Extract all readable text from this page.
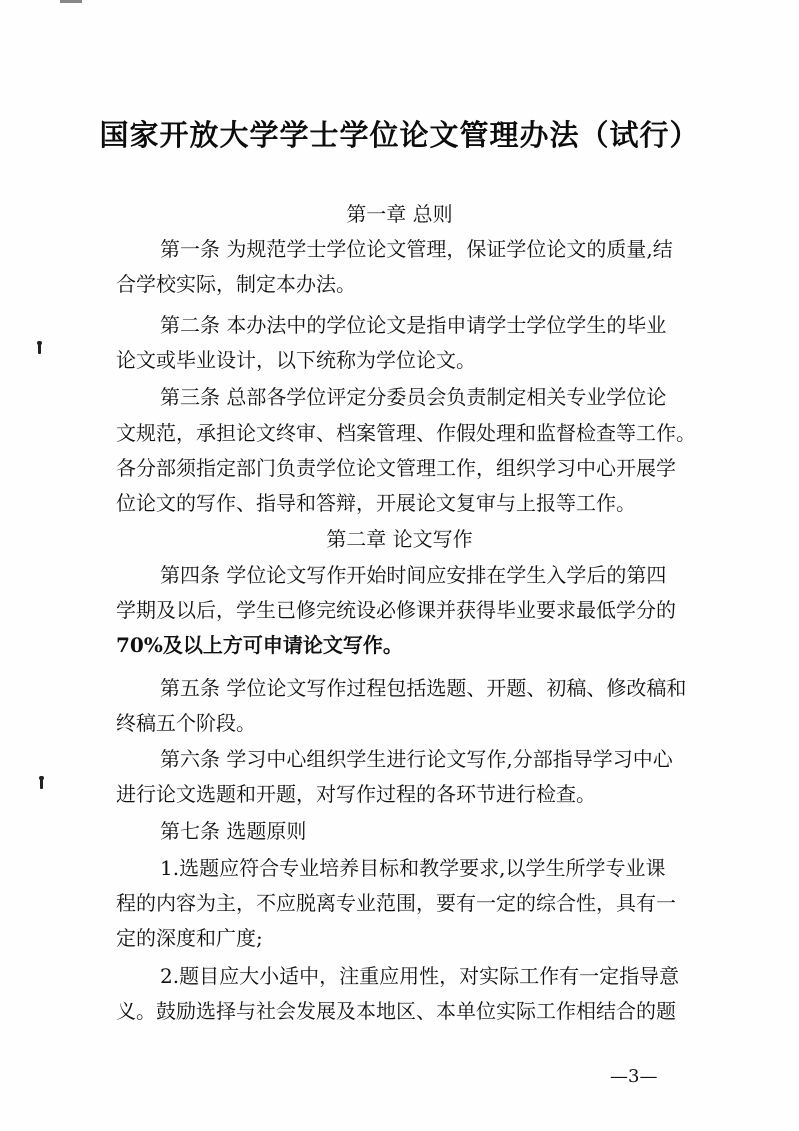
国家开放大学学士学位论文管理办法（试行）
第一章 总则
第一条 为规范学士学位论文管理，保证学位论文的质量,结
合学校实际，制定本办法。
第二条 本办法中的学位论文是指申请学士学位学生的毕业
论文或毕业设计，以下统称为学位论文。
第三条 总部各学位评定分委员会负责制定相关专业学位论
文规范，承担论文终审、档案管理、作假处理和监督检查等工作。
各分部须指定部门负责学位论文管理工作，组织学习中心开展学
位论文的写作、指导和答辩，开展论文复审与上报等工作。
第二章 论文写作
第四条 学位论文写作开始时间应安排在学生入学后的第四
学期及以后，学生已修完统设必修课并获得毕业要求最低学分的
70%及以上方可申请论文写作。
第五条 学位论文写作过程包括选题、开题、初稿、修改稿和
终稿五个阶段。
第六条 学习中心组织学生进行论文写作,分部指导学习中心
进行论文选题和开题，对写作过程的各环节进行检查。
第七条 选题原则
1.选题应符合专业培养目标和教学要求,以学生所学专业课
程的内容为主，不应脱离专业范围，要有一定的综合性，具有一
定的深度和广度;
2.题目应大小适中，注重应用性，对实际工作有一定指导意
义。鼓励选择与社会发展及本地区、本单位实际工作相结合的题
—3—
